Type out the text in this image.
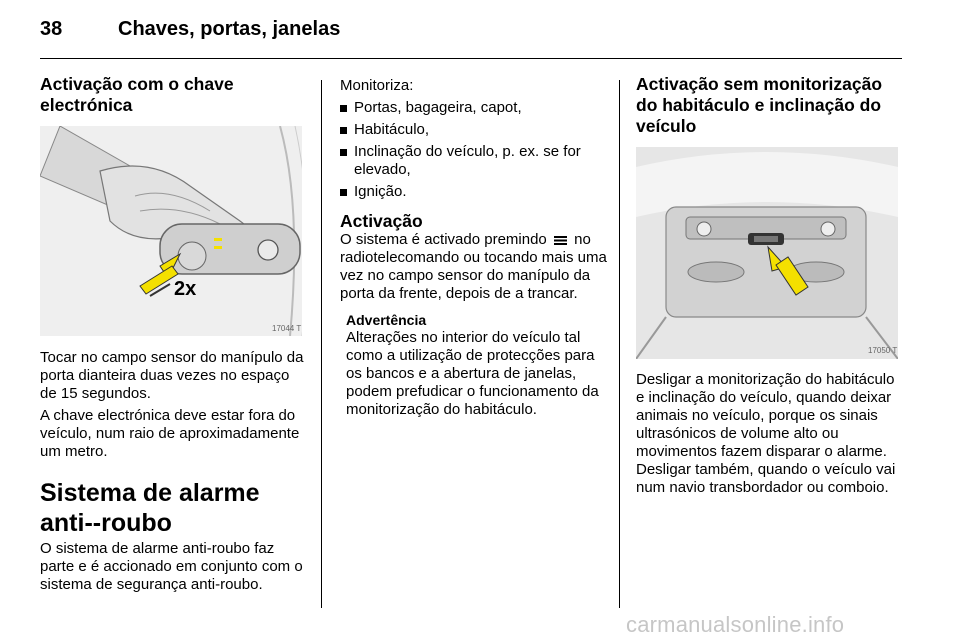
38	Chaves, portas, janelas
Activação com o chave electrónica
17044 T
2x

Tocar no campo sensor do manípulo da porta dianteira duas vezes no espaço de 15 segundos.

A chave electrónica deve estar fora do veículo, num raio de aproximadamente um metro.

Sistema de alarme anti--roubo

O sistema de alarme anti-roubo faz parte e é accionado em conjunto com o sistema de segurança anti-roubo.

Monitoriza:

Portas, bagageira, capot,
Habitáculo,
Inclinação do veículo, p. ex. se for elevado,
Ignição.
Activação

O sistema é activado premindo no radiotelecomando ou tocando mais uma vez no campo sensor do manípulo da porta da frente, depois de a trancar.

Advertência

Alterações no interior do veículo tal como a utilização de protecções para os bancos e a abertura de janelas, podem prefudicar o funcionamento da monitorização do habitáculo.

Activação sem monitorização do habitáculo e inclinação do veículo
17050 T

Desligar a monitorização do habitáculo e inclinação do veículo, quando deixar animais no veículo, porque os sinais ultrasónicos de volume alto ou movimentos fazem disparar o alarme. Desligar também, quando o veículo vai num navio transbordador ou comboio.

carmanualsonline.info
